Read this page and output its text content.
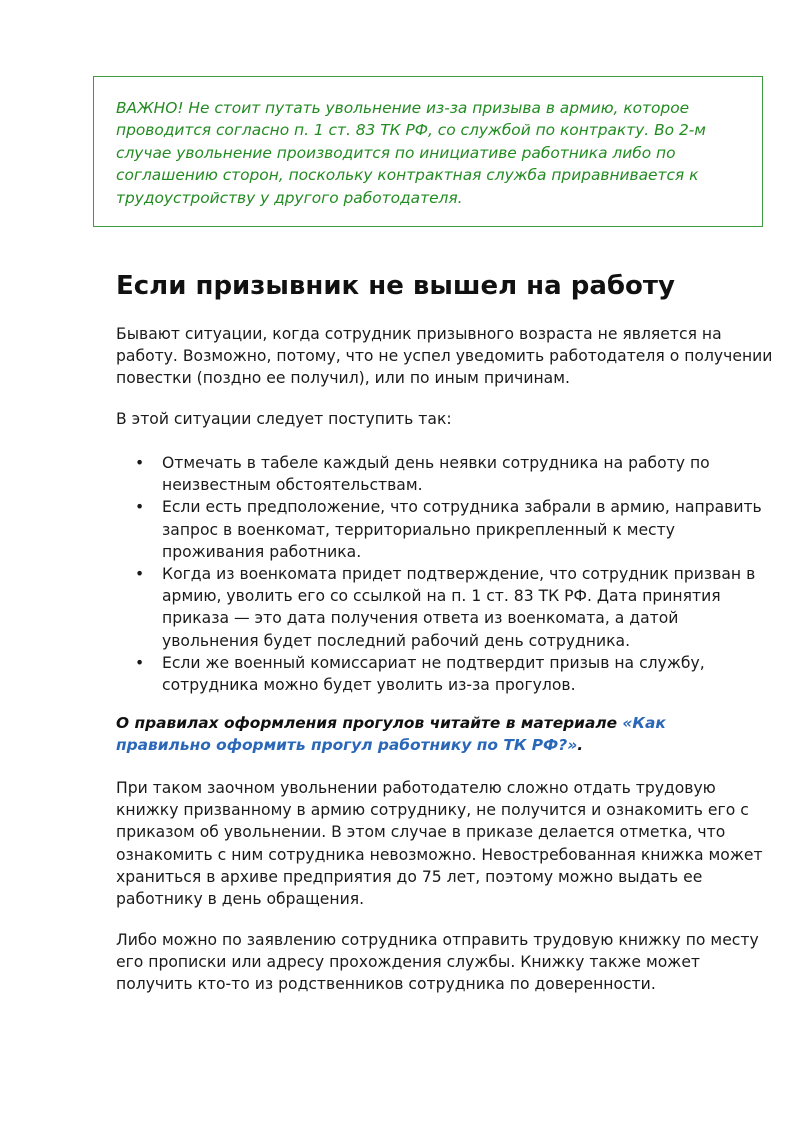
ВАЖНО! Не стоит путать увольнение из-за призыва в армию, которое проводится согласно п. 1 ст. 83 ТК РФ, со службой по контракту. Во 2-м случае увольнение производится по инициативе работника либо по соглашению сторон, поскольку контрактная служба приравнивается к трудоустройству у другого работодателя.

Если призывник не вышел на работу

Бывают ситуации, когда сотрудник призывного возраста не является на работу. Возможно, потому, что не успел уведомить работодателя о получении повестки (поздно ее получил), или по иным причинам.

В этой ситуации следует поступить так:

• Отмечать в табеле каждый день неявки сотрудника на работу по неизвестным обстоятельствам.
• Если есть предположение, что сотрудника забрали в армию, направить запрос в военкомат, территориально прикрепленный к месту проживания работника.
• Когда из военкомата придет подтверждение, что сотрудник призван в армию, уволить его со ссылкой на п. 1 ст. 83 ТК РФ. Дата принятия приказа — это дата получения ответа из военкомата, а датой увольнения будет последний рабочий день сотрудника.
• Если же военный комиссариат не подтвердит призыв на службу, сотрудника можно будет уволить из-за прогулов.

О правилах оформления прогулов читайте в материале «Как правильно оформить прогул работнику по ТК РФ?».

При таком заочном увольнении работодателю сложно отдать трудовую книжку призванному в армию сотруднику, не получится и ознакомить его с приказом об увольнении. В этом случае в приказе делается отметка, что ознакомить с ним сотрудника невозможно. Невостребованная книжка может храниться в архиве предприятия до 75 лет, поэтому можно выдать ее работнику в день обращения.

Либо можно по заявлению сотрудника отправить трудовую книжку по месту его прописки или адресу прохождения службы. Книжку также может получить кто-то из родственников сотрудника по доверенности.
